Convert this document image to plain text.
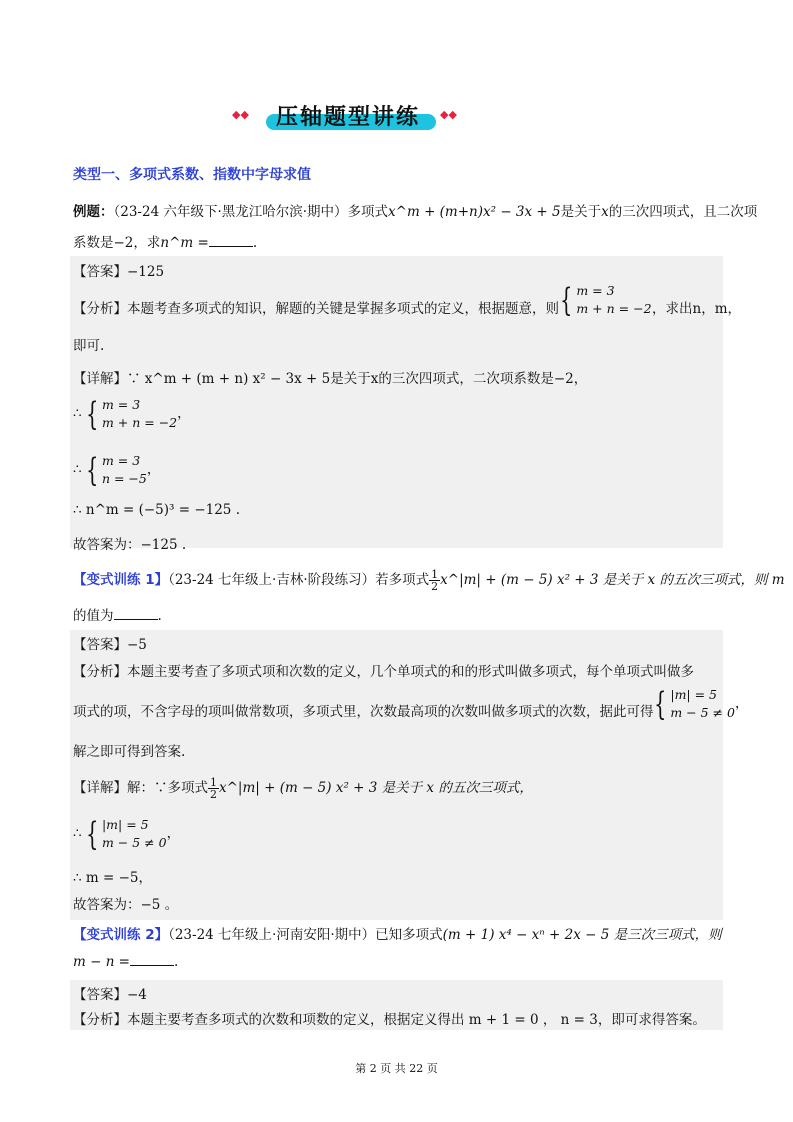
◆◆	压轴题型讲练	◆◆
类型一、多项式系数、指数中字母求值
例题：（23-24 六年级下·黑龙江哈尔滨·期中）多项式x^m + (m+n)x² − 3x + 5是关于x的三次四项式，且二次项
系数是−2，求n^m =	.
【答案】−125
【分析】本题考查多项式的知识，解题的关键是掌握多项式的定义，根据题意，则 { m = 3
m + n = −2 ，求出n，m，
即可.
【详解】∵ x^m + (m + n) x² − 3x + 5是关于x的三次四项式，二次项系数是−2，
∴ { m = 3
m + n = −2
，
∴ { m = 3
n = −5
，
∴ n^m = (−5)³ = −125 .
故答案为：−125 .
【变式训练 1】（23-24 七年级上·吉林·阶段练习）若多项式 $\frac{1}{2}$ x^|m| + (m − 5) x² + 3 是关于 x 的五次三项式，则 m
的值为	.
【答案】−5
【分析】本题主要考查了多项式项和次数的定义，几个单项式的和的形式叫做多项式，每个单项式叫做多
项式的项，不含字母的项叫做常数项，多项式里，次数最高项的次数叫做多项式的次数，据此可得 { |m| = 5
m − 5 ≠ 0
，
解之即可得到答案.
【详解】解：∵多项式 $\frac{1}{2}$ x^|m| + (m − 5) x² + 3 是关于 x 的五次三项式，
∴ { |m| = 5
m − 5 ≠ 0
，
∴ m = −5，
故答案为：−5 。
【变式训练 2】（23-24 七年级上·河南安阳·期中）已知多项式(m + 1) x⁴ − xⁿ + 2x − 5 是三次三项式，则
m − n =	.
【答案】−4
【分析】本题主要考查多项式的次数和项数的定义，根据定义得出 m + 1 = 0 ， n = 3，即可求得答案。
第 2 页 共 22 页
